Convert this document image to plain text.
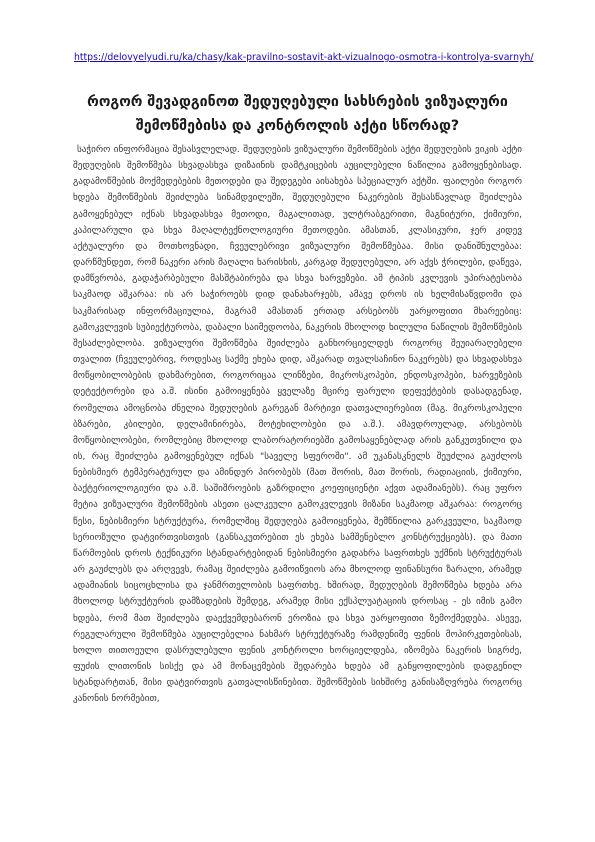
https://delovyelyudi.ru/ka/chasy/kak-pravilno-sostavit-akt-vizualnogo-osmotra-i-kontrolya-svarnyh/
როგორ შევადგინოთ შედუღებული სახსრების ვიზუალური შემოწმებისა და კონტროლის აქტი სწორად?

საჭირო ინფორმაცია შესასვლელად. შედუღების ვიზუალური შემოწმების აქტი შედუღების ვიკის აქტი შედუღების შემოწმება სხვადასხვა დიზაინის დამტკიცების აუცილებელი ნაწილია გამოყენებისად. გადამოწმების მოქმედებების მეთოდები და შედეგები აისახება სპეციალურ აქტში. ფაილები როგორ ხდება შემოწმების შეიძლება სინამდვილეში, შედუღებული ნაკერების შესასწავლად შეიძლება გამოყენებულ იქნას სხვადასხვა მეთოდი, მაგალითად, ულტრაბგერითი, მაგნიტური, ქიმიური, კაპილარული და სხვა მაღალტექნოლოგიური მეთოდები. ამასთან, კლასიკური, ჯერ კიდევ აქტუალური და მოთხოვნადი, ჩვეულებრივი ვიზუალური შემოწმებაა. მისი დანიშნულებაა: დარწმუნდეთ, რომ ნაკერი არის მაღალი ხარისხის, კარგად შედუღებული, არ აქვს ჭრილები, დაწევა, დამწვრობა, გადაჭარბებული მასშტაბირება და სხვა ხარვეზები. ამ ტიპის კვლევის უპირატესობა საკმაოდ აშკარაა: ის არ საჭიროებს დიდ დანახარჯებს, ამავე დროს ის ხელმისაწვდომი და საკმარისად ინფორმაციულია, მაგრამ ამასთან ერთად არსებობს უარყოფითი მხარეებიც: გამოკვლევის სუბიექტურობა, დაბალი საიმედოობა, ნაკერის მხოლოდ ხილული ნაწილის შემოწმების შესაძლებლობა. ვიზუალური შემოწმება შეიძლება განხორციელდეს როგორც შეუიარაღებელი თვალით (ჩვეულებრივ, როდესაც საქმე ეხება დიდ, აშკარად თვალსაჩინო ნაკერებს) და სხვადასხვა მოწყობილობების დახმარებით, როგორიცაა ლინზები, მიკროსკოპები, ენდოსკოპები, ხარვეზების დეტექტორები და ა.შ. ისინი გამოიყენება ყველაზე მცირე ფარული დეფექტების დასადგენად, რომელთა ამოცნობა ძნელია შედუღების გარეგან მარტივი დათვალიერებით (მაგ. მიკროსკოპული ბზარები, კბილები, დელამინირება, მოტეხილობები და ა.შ.). ამავდროულად, არსებობს მოწყობილობები, რომლებიც მხოლოდ ლაბორატორიებში გამოსაყენებლად არის განკუთვნილი და ის, რაც შეიძლება გამოყენებულ იქნას "საველე სფეროში". ამ უკანასკნელს შეუძლია გაუძლოს ნებისმიერ ტემპერატურულ და ამინდურ პირობებს (მათ შორის, მათ შორის, რადიაციის, ქიმიური, ბაქტერიოლოგიური და ა.შ. საშიშროების გაზრდილი კოეფიციენტი აქვთ ადამიანებს). რაც უფრო მეტია ვიზუალური შემოწმების ასეთი ცალკეული გამოკვლევის მიზანი საკმაოდ აშკარაა: როგორც წესი, ნებისმიერი სტრუქტურა, რომელშიც შედუღება გამოიყენება, შემწნილია გარკვეული, საკმაოდ სერიოზული დატვირთვისთვის (განსაკუთრებით ეს ეხება სამშენებლო კონსტრუქციებს). და მათი წარმოების დროს ტექნიკური სტანდარტებიდან ნებისმიერი გადახრა საფრთხეს უქმნის სტრუქტურას არ გაუძლებს და არღვევს, რამაც შეიძლება გამოიწვიოს არა მხოლოდ ფინანსური ზარალი, არამედ ადამიანის სიცოცხლისა და ჯანმრთელობის საფრთხე. ხშირად, შედუღების შემოწმება ხდება არა მხოლოდ სტრუქტურის დამზადების შემდეგ, არამედ მისი ექსპლუატაციის დროსაც - ეს იმის გამო ხდება, რომ მათ შეიძლება დაექვემდებარონ ეროზია და სხვა უარყოფითი ზემოქმედება. ასევე, რეგულარული შემოწმება აუცილებელია ნახმარ სტრუქტურაზე რამდენიმე ფენის მოპირკეთებისას, ხოლო თითოეული დასრულებული ფენის კონტროლი ხორციელდება, იზომება ნაკერის სიგრძე, ფუძის ლითონის სისქე და ამ მონაცემების შედარება ხდება ამ განყოფილების დადგენილ სტანდარტთან, მისი დატვირთვის გათვალისწინებით. შემოწმების სიხშირე განისაზღვრება როგორც კანონის ნორმებით,
